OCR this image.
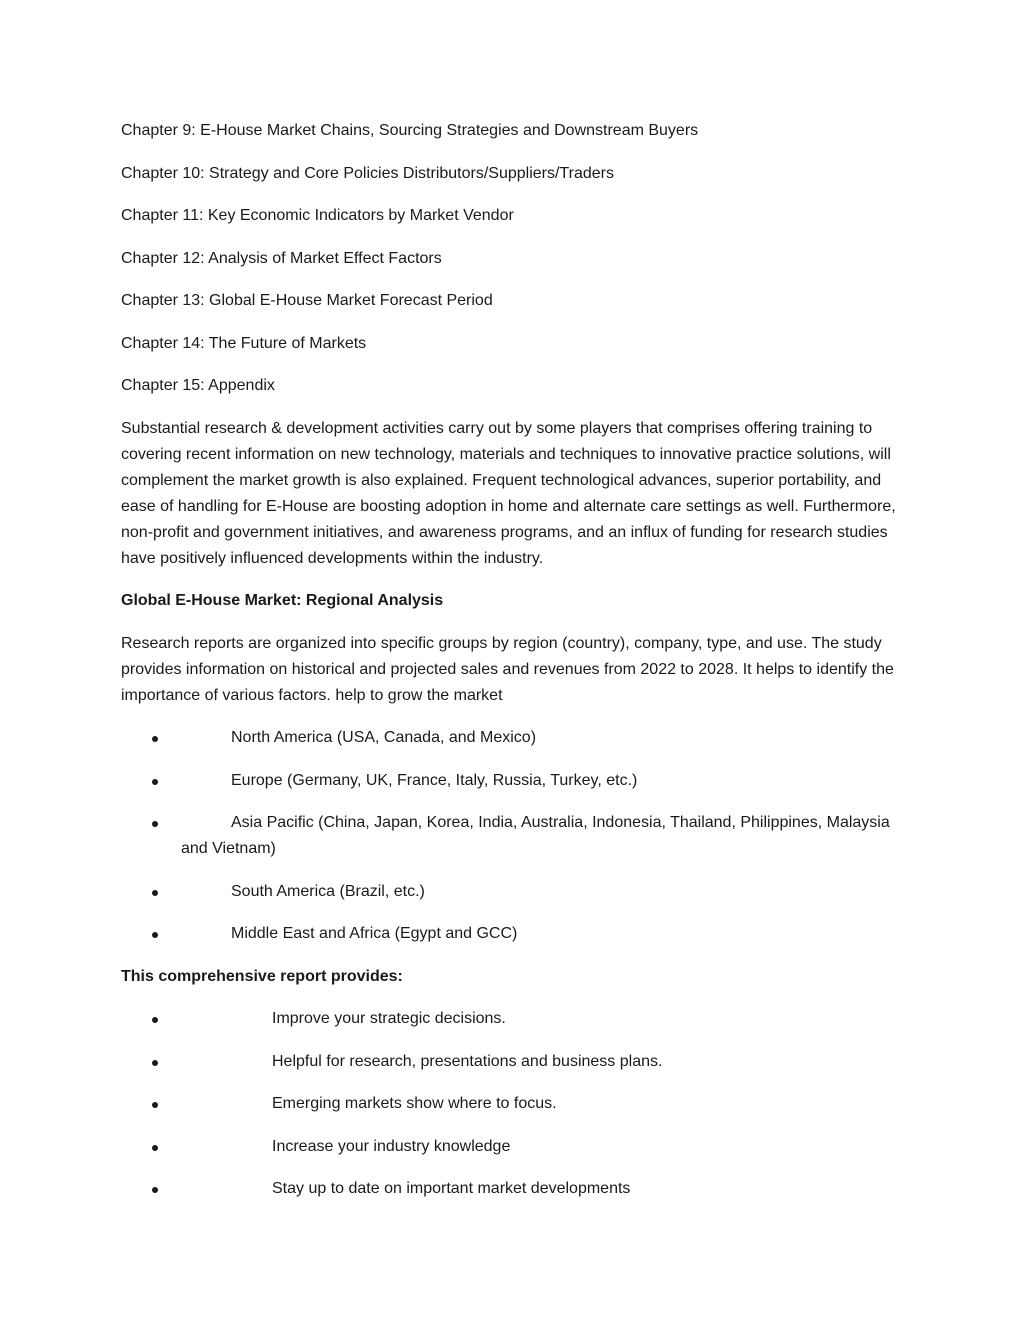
Chapter 9: E-House Market Chains, Sourcing Strategies and Downstream Buyers

Chapter 10: Strategy and Core Policies Distributors/Suppliers/Traders

Chapter 11: Key Economic Indicators by Market Vendor

Chapter 12: Analysis of Market Effect Factors

Chapter 13: Global E-House Market Forecast Period

Chapter 14: The Future of Markets

Chapter 15: Appendix

Substantial research & development activities carry out by some players that comprises offering training to covering recent information on new technology, materials and techniques to innovative practice solutions, will complement the market growth is also explained. Frequent technological advances, superior portability, and ease of handling for E-House are boosting adoption in home and alternate care settings as well. Furthermore, non-profit and government initiatives, and awareness programs, and an influx of funding for research studies have positively influenced developments within the industry.

Global E-House Market: Regional Analysis

Research reports are organized into specific groups by region (country), company, type, and use. The study provides information on historical and projected sales and revenues from 2022 to 2028. It helps to identify the importance of various factors. help to grow the market

North America (USA, Canada, and Mexico)
Europe (Germany, UK, France, Italy, Russia, Turkey, etc.)
Asia Pacific (China, Japan, Korea, India, Australia, Indonesia, Thailand, Philippines, Malaysia and Vietnam)
South America (Brazil, etc.)
Middle East and Africa (Egypt and GCC)

This comprehensive report provides:

Improve your strategic decisions.
Helpful for research, presentations and business plans.
Emerging markets show where to focus.
Increase your industry knowledge
Stay up to date on important market developments
